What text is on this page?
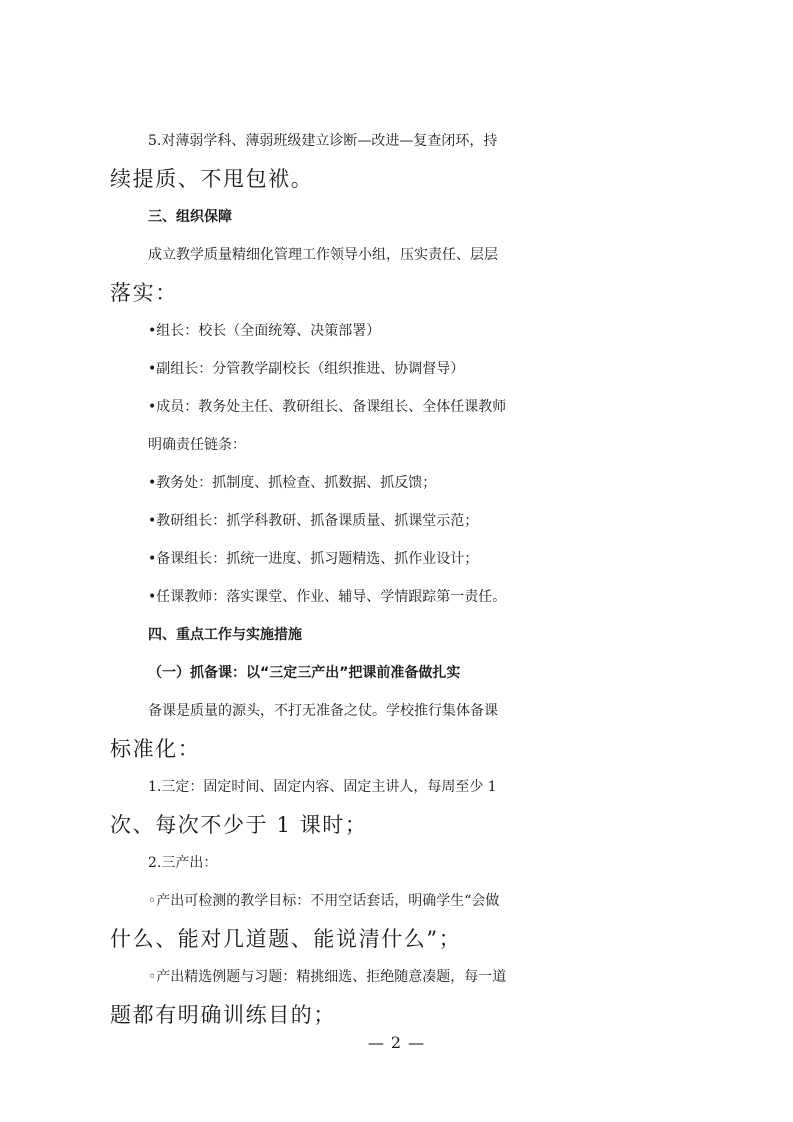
5.对薄弱学科、薄弱班级建立诊断—改进—复查闭环，持
续提质、不甩包袱。
三、组织保障
成立教学质量精细化管理工作领导小组，压实责任、层层
落实：
•组长：校长（全面统筹、决策部署）
•副组长：分管教学副校长（组织推进、协调督导）
•成员：教务处主任、教研组长、备课组长、全体任课教师
明确责任链条：
•教务处：抓制度、抓检查、抓数据、抓反馈；
•教研组长：抓学科教研、抓备课质量、抓课堂示范；
•备课组长：抓统一进度、抓习题精选、抓作业设计；
•任课教师：落实课堂、作业、辅导、学情跟踪第一责任。
四、重点工作与实施措施
（一）抓备课：以“三定三产出”把课前准备做扎实
备课是质量的源头，不打无准备之仗。学校推行集体备课
标准化：
1.三定：固定时间、固定内容、固定主讲人，每周至少 1
次、每次不少于 1 课时；
2.三产出：
◦产出可检测的教学目标：不用空话套话，明确学生“会做
什么、能对几道题、能说清什么”；
◦产出精选例题与习题：精挑细选、拒绝随意凑题，每一道
题都有明确训练目的；
— 2 —
